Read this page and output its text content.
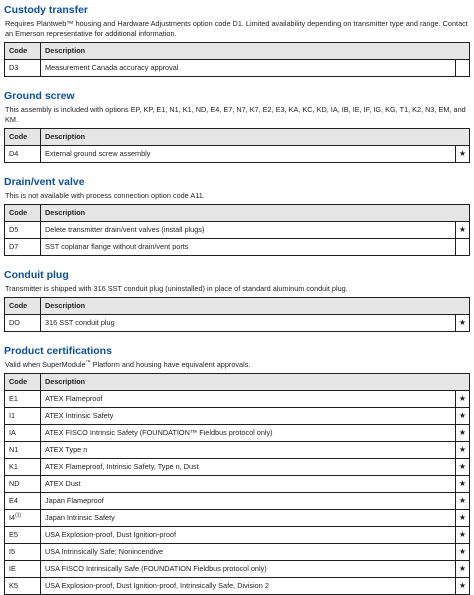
Custody transfer

Requires Plantweb™ housing and Hardware Adjustments option code D1. Limited availability depending on transmitter type and range. Contact an Emerson representative for additional information.

Code	Description	
D3	Measurement Canada accuracy approval	
Ground screw

This assembly is included with options EP, KP, E1, N1, K1, ND, E4, E7, N7, K7, E2, E3, KA, KC, KD, IA, IB, IE, IF, IG, KG, T1, K2, N3, EM, and KM.

Code	Description	
D4	External ground screw assembly	★
Drain/vent valve

This is not available with process connection option code A11.

Code	Description	
D5	Delete transmitter drain/vent valves (install plugs)	★
D7	SST coplanar flange without drain/vent ports	
Conduit plug

Transmitter is shipped with 316 SST conduit plug (uninstalled) in place of standard aluminum conduit plug.

Code	Description	
DO	316 SST conduit plug	★
Product certifications

Valid when SuperModule™ Platform and housing have equivalent approvals.

Code	Description	
E1	ATEX Flameproof	★
I1	ATEX Intrinsic Safety	★
IA	ATEX FISCO Intrinsic Safety (FOUNDATION™ Fieldbus protocol only)	★
N1	ATEX Type n	★
K1	ATEX Flameproof, Intrinsic Safety, Type n, Dust	★
ND	ATEX Dust	★
E4	Japan Flameproof	★
I4$^{(1)}$	Japan Intrinsic Safety	★
E5	USA Explosion-proof, Dust Ignition-proof	★
I5	USA Intrinsically Safe; Nonincendive	★
IE	USA FISCO Intrinsically Safe (FOUNDATION Fieldbus protocol only)	★
K5	USA Explosion-proof, Dust Ignition-proof, Intrinsically Safe, Division 2	★
